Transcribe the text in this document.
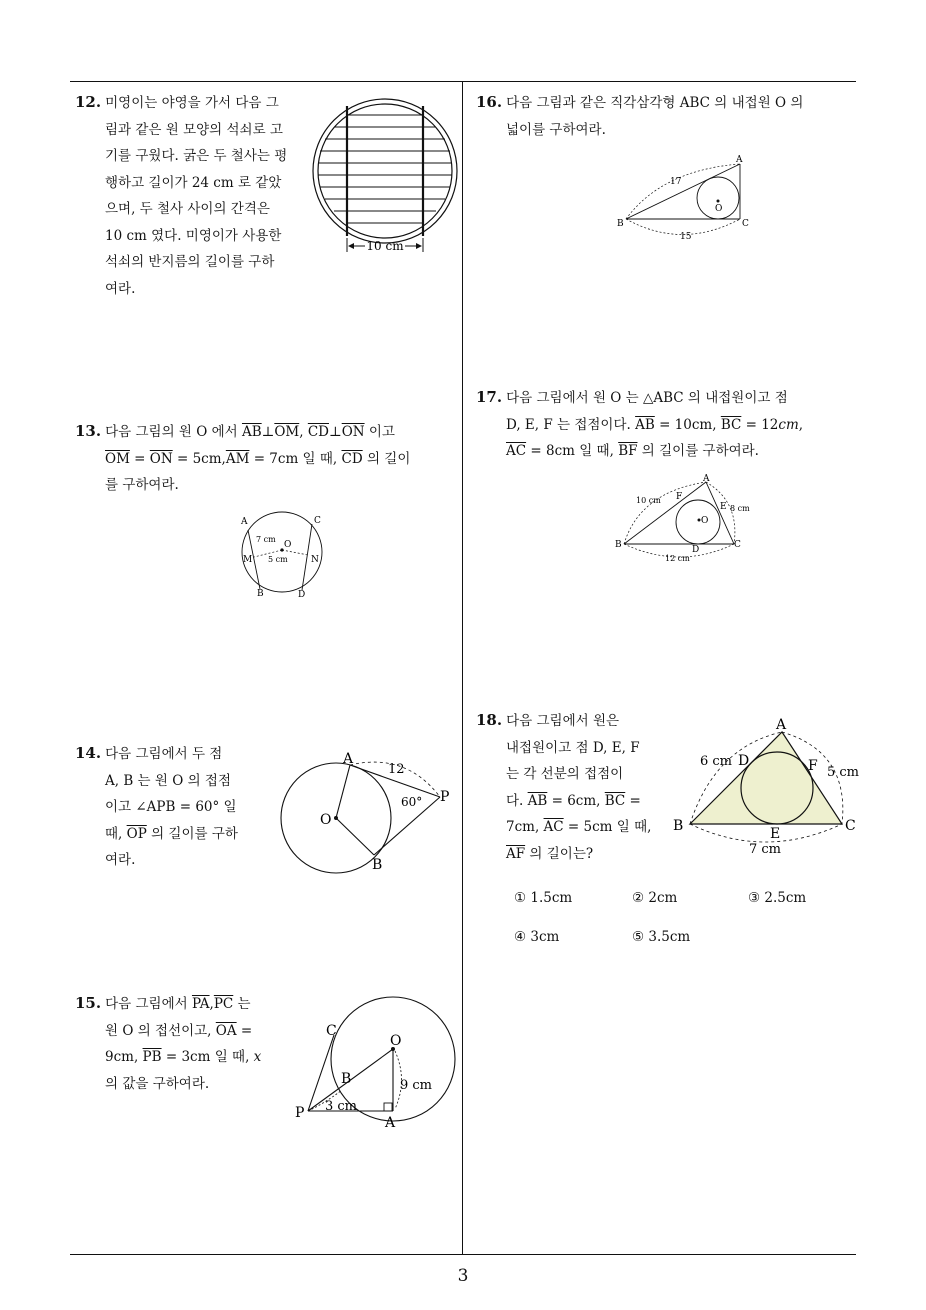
3
12. 미영이는 야영을 가서 다음 그
림과 같은 원 모양의 석쇠로 고
기를 구웠다. 굵은 두 철사는 평
행하고 길이가 24 cm 로 같았
으며, 두 철사 사이의 간격은
10 cm 였다. 미영이가 사용한
석쇠의 반지름의 길이를 구하
여라.
10 cm
13. 다음 그림의 원 O 에서 $\overline{AB}\perp\overline{OM}$, $\overline{CD}\perp\overline{ON}$ 이고
$\overline{OM} = \overline{ON} = 5cm,\overline{AM} = 7cm$ 일 때, $\overline{CD}$ 의 길이
를 구하여라.
A	C
O
M	N
B	D
7 cm
5 cm
14. 다음 그림에서 두 점
A, B 는 원 O 의 접점
이고 ∠APB = 60° 일
때, $\overline{OP}$ 의 길이를 구하
여라.
A
B
O
P
12
60°
15. 다음 그림에서 $\overline{PA},\overline{PC}$ 는
원 O 의 접선이고, $\overline{OA}$ =
9cm, $\overline{PB} = 3cm$ 일 때, x
의 값을 구하여라.
C
O
B
P
A
3 cm
9 cm
16. 다음 그림과 같은 직각삼각형 ABC 의 내접원 O 의
넓이를 구하여라.
A
B	C
O
17
15
17. 다음 그림에서 원 O 는 △ABC 의 내접원이고 점
D, E, F 는 접점이다. $\overline{AB} = 10cm$, $\overline{BC} = 12cm$,
$\overline{AC} = 8cm$ 일 때, $\overline{BF}$ 의 길이를 구하여라.
A
B	C
D
E
F
O
10 cm
8 cm
12 cm
18. 다음 그림에서 원은
내접원이고 점 D, E, F
는 각 선분의 접점이
다. $\overline{AB} = 6cm$, $\overline{BC}$ =
7cm, $\overline{AC} = 5cm$ 일 때,
$\overline{AF}$ 의 길이는?
A
B	C
D
E
F
6 cm
5 cm
7 cm
① 1.5cm	② 2cm	③ 2.5cm
④ 3cm	⑤ 3.5cm
